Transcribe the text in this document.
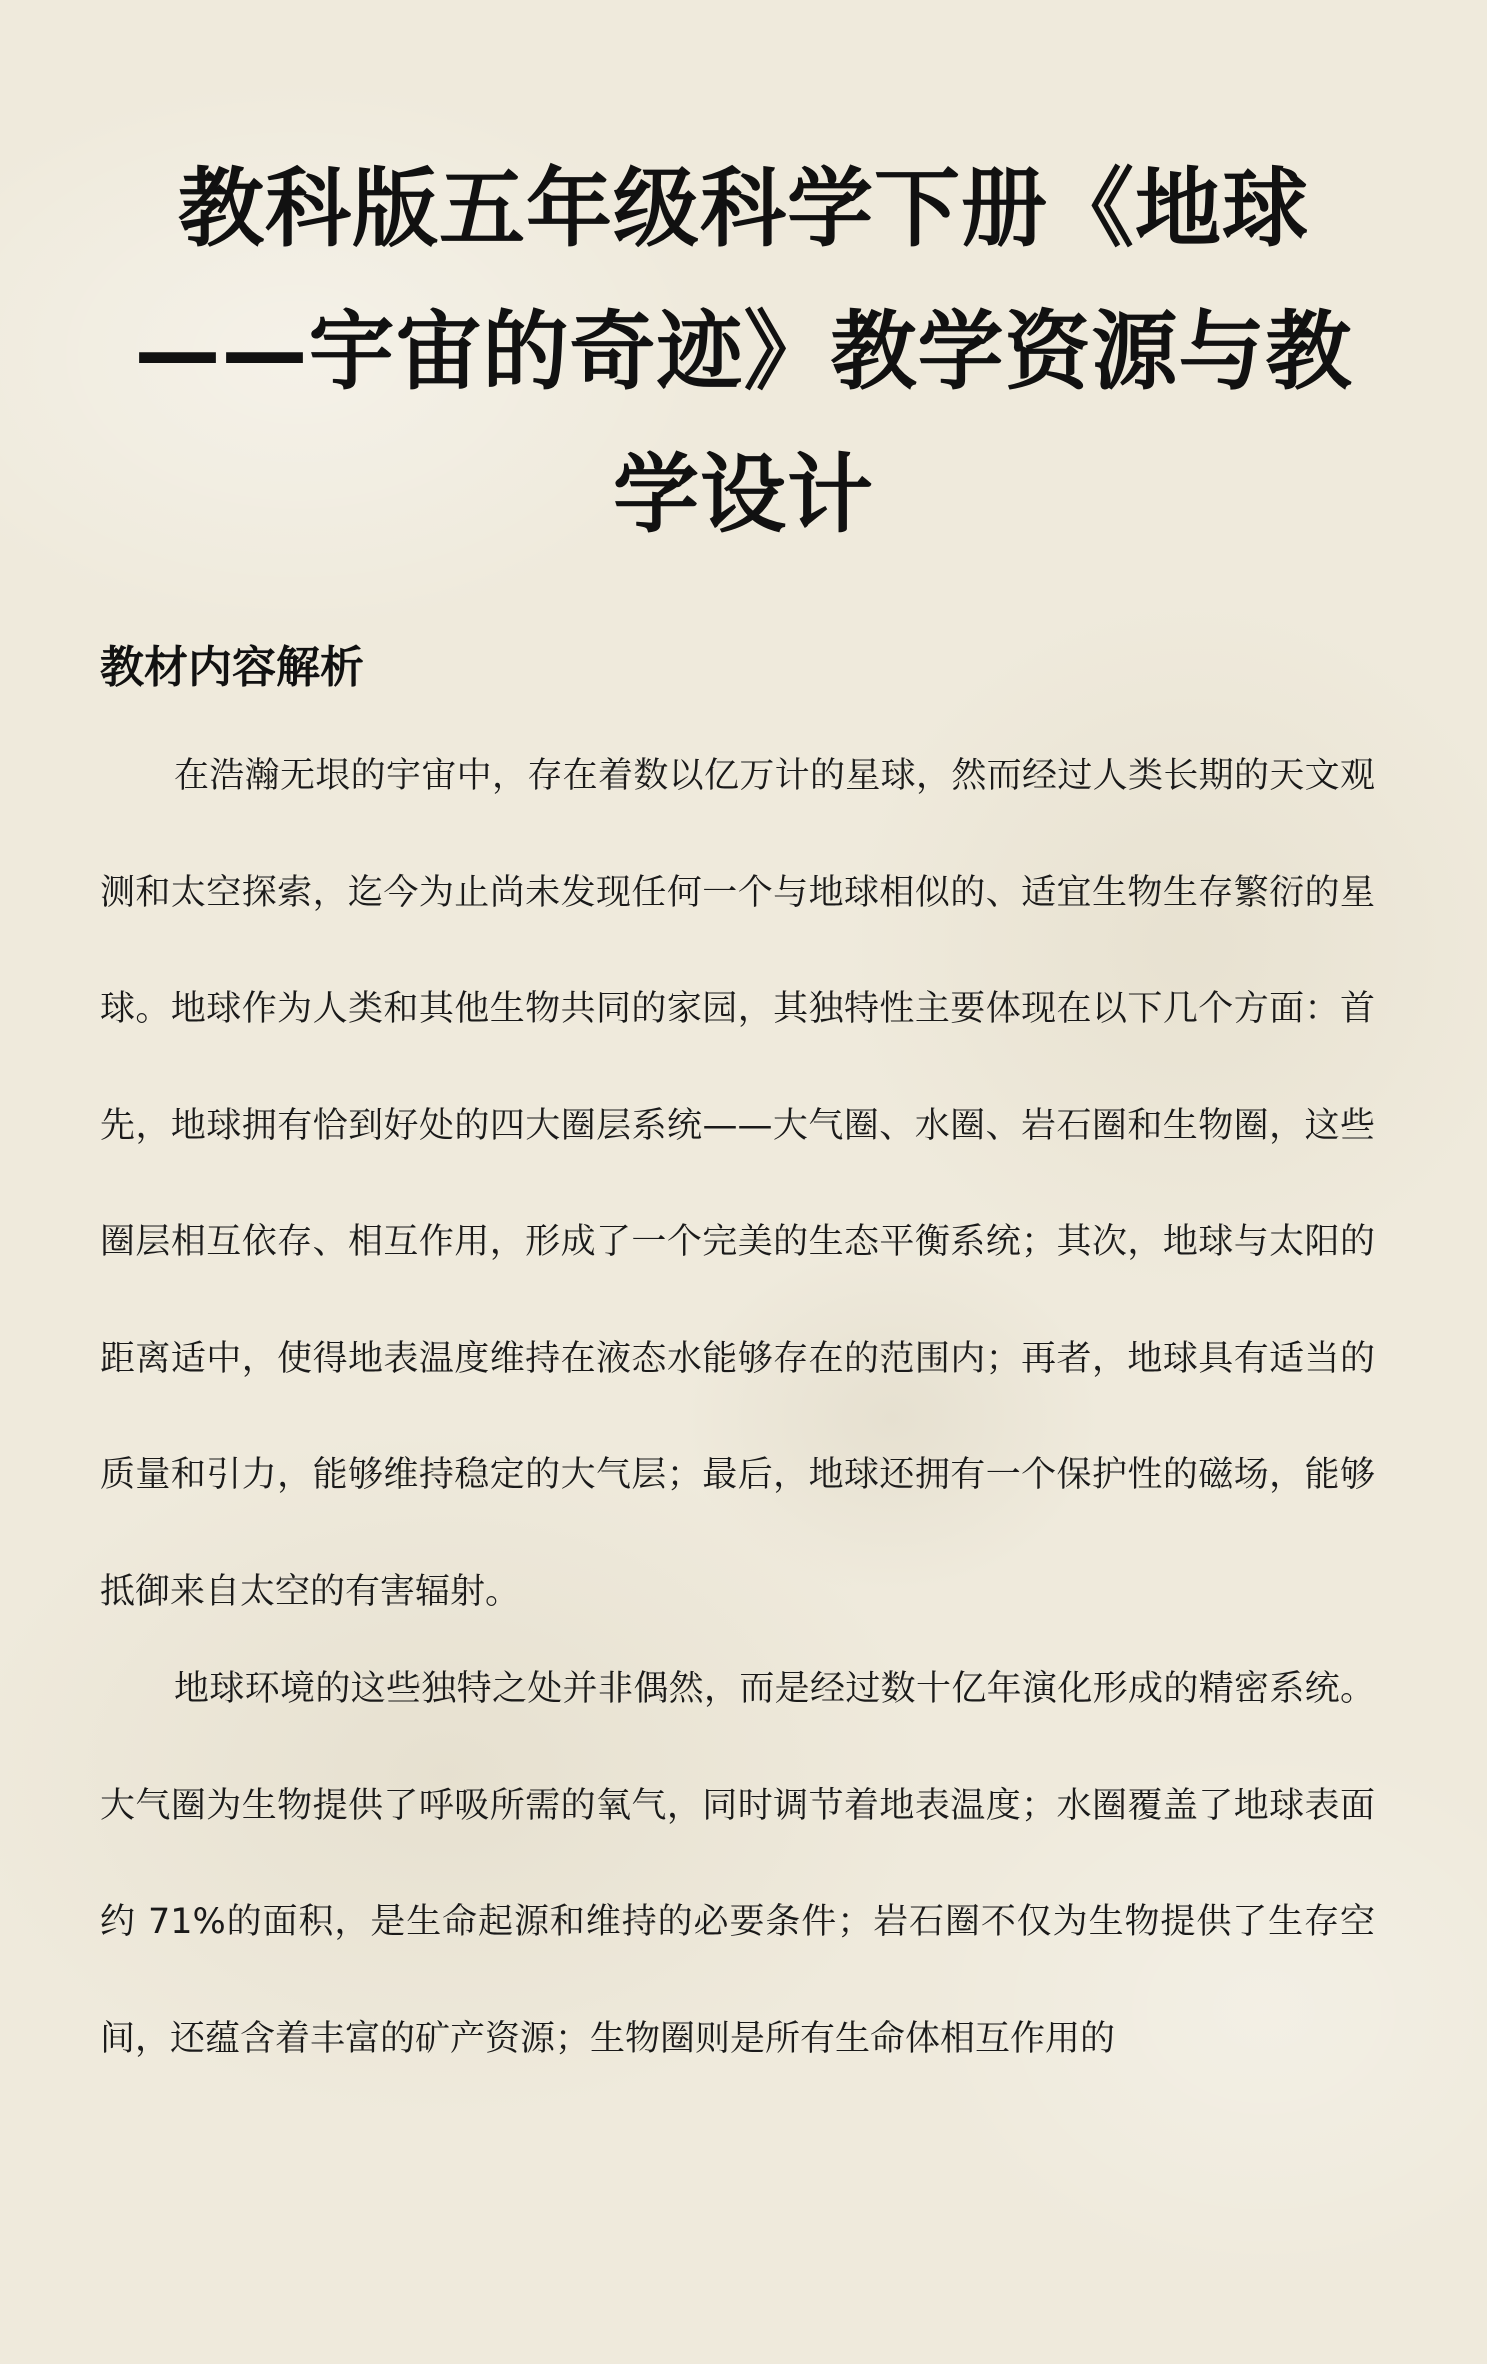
教科版五年级科学下册《地球——宇宙的奇迹》教学资源与教学设计
教材内容解析

在浩瀚无垠的宇宙中，存在着数以亿万计的星球，然而经过人类长期的天文观测和太空探索，迄今为止尚未发现任何一个与地球相似的、适宜生物生存繁衍的星球。地球作为人类和其他生物共同的家园，其独特性主要体现在以下几个方面：首先，地球拥有恰到好处的四大圈层系统——大气圈、水圈、岩石圈和生物圈，这些圈层相互依存、相互作用，形成了一个完美的生态平衡系统；其次，地球与太阳的距离适中，使得地表温度维持在液态水能够存在的范围内；再者，地球具有适当的质量和引力，能够维持稳定的大气层；最后，地球还拥有一个保护性的磁场，能够抵御来自太空的有害辐射。

地球环境的这些独特之处并非偶然，而是经过数十亿年演化形成的精密系统。大气圈为生物提供了呼吸所需的氧气，同时调节着地表温度；水圈覆盖了地球表面约 71%的面积，是生命起源和维持的必要条件；岩石圈不仅为生物提供了生存空间，还蕴含着丰富的矿产资源；生物圈则是所有生命体相互作用的
